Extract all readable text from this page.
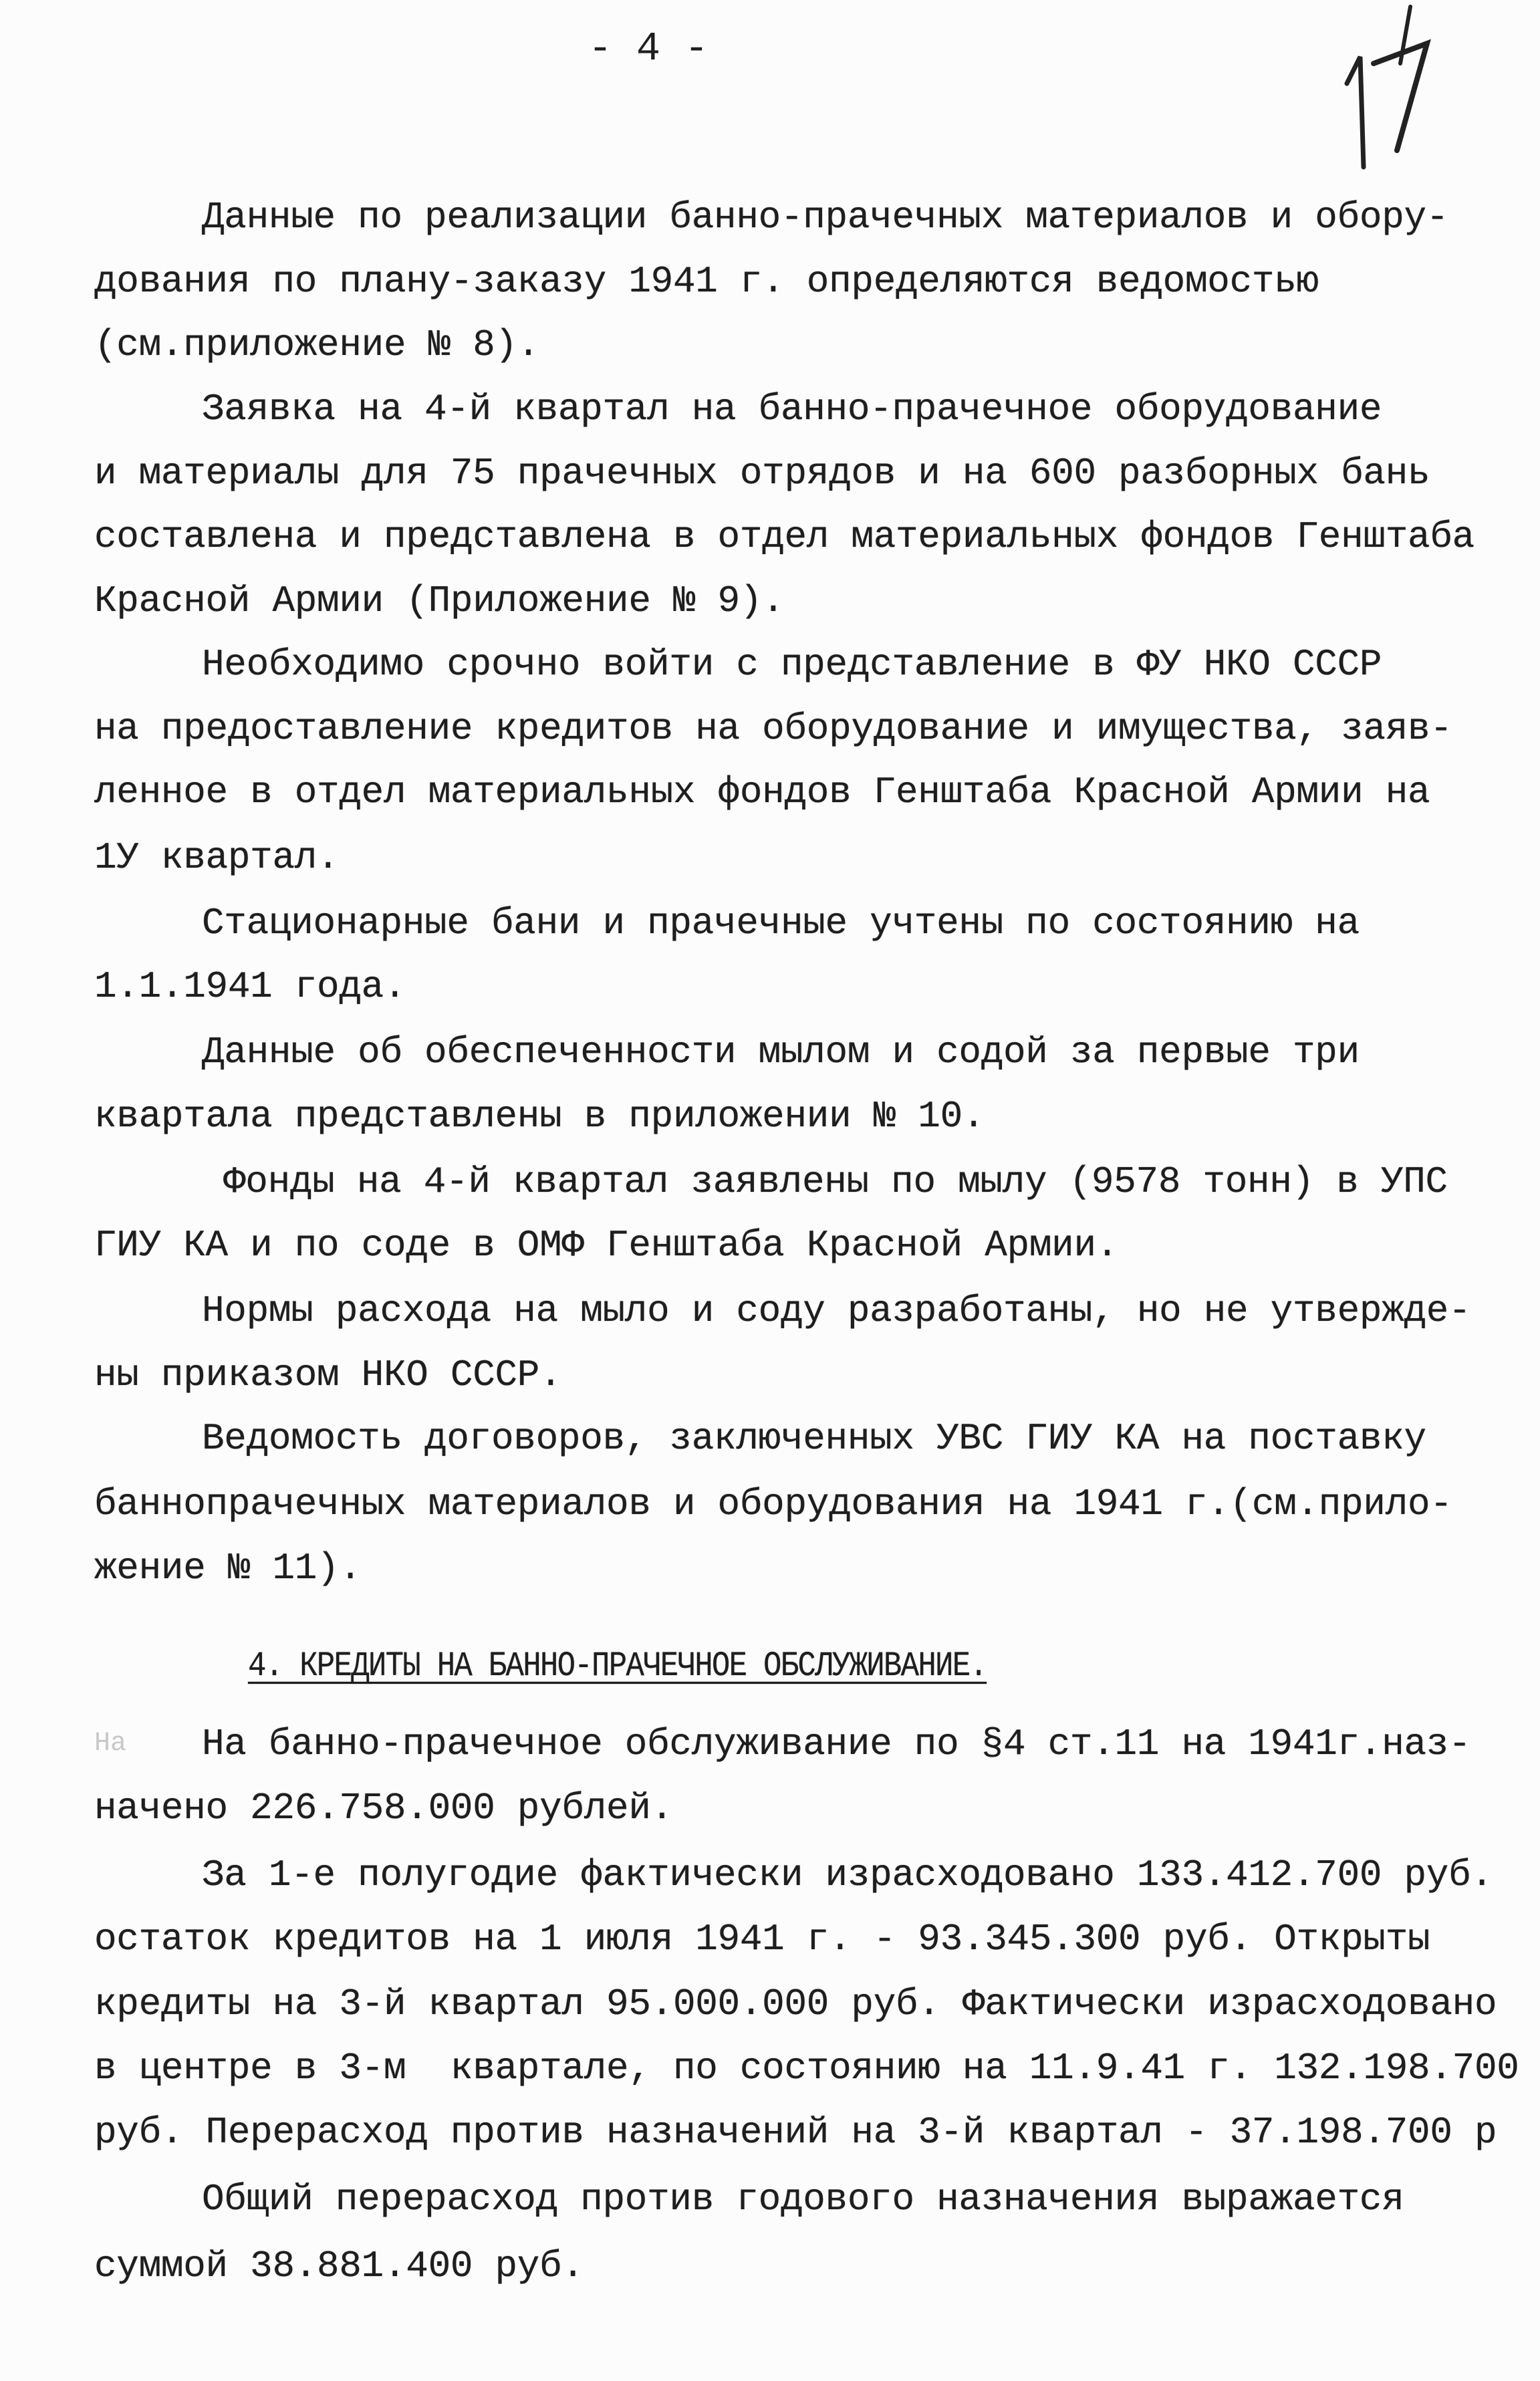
- 4 -
Данные по реализации банно-прачечных материалов и обору-
дования по плану-заказу 1941 г. определяются ведомостью
(см.приложение № 8).
Заявка на 4-й квартал на банно-прачечное оборудование
и материалы для 75 прачечных отрядов и на 600 разборных бань
составлена и представлена в отдел материальных фондов Генштаба
Красной Армии (Приложение № 9).
Необходимо срочно войти с представление в ФУ НКО СССР
на предоставление кредитов на оборудование и имущества, заяв-
ленное в отдел материальных фондов Генштаба Красной Армии на
1У квартал.
Стационарные бани и прачечные учтены по состоянию на
1.1.1941 года.
Данные об обеспеченности мылом и содой за первые три
квартала представлены в приложении № 10.
Фонды на 4-й квартал заявлены по мылу (9578 тонн) в УПС
ГИУ КА и по соде в ОМФ Генштаба Красной Армии.
Нормы расхода на мыло и соду разработаны, но не утвержде-
ны приказом НКО СССР.
Ведомость договоров, заключенных УВС ГИУ КА на поставку
баннопрачечных материалов и оборудования на 1941 г.(см.прило-
жение № 11).
4. КРЕДИТЫ НА БАННО-ПРАЧЕЧНОЕ ОБСЛУЖИВАНИЕ.
На На банно-прачечное обслуживание по §4 ст.11 на 1941г.наз-
начено 226.758.000 рублей.
За 1-е полугодие фактически израсходовано 133.412.700 руб.
остаток кредитов на 1 июля 1941 г. - 93.345.300 руб. Открыты
кредиты на 3-й квартал 95.000.000 руб. Фактически израсходовано
в центре в 3-м  квартале, по состоянию на 11.9.41 г. 132.198.700
руб. Перерасход против назначений на 3-й квартал - 37.198.700 р
Общий перерасход против годового назначения выражается
суммой 38.881.400 руб.
